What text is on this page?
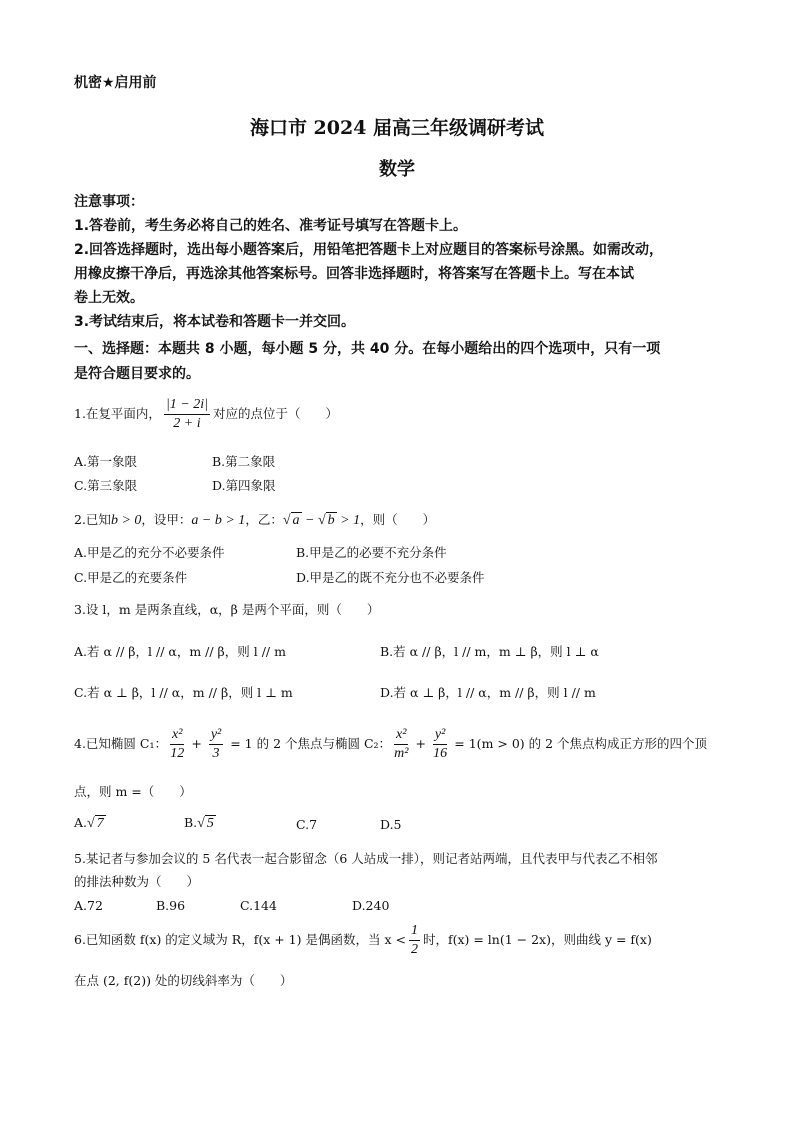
机密★启用前
海口市 2024 届高三年级调研考试
数学
注意事项：
1.答卷前，考生务必将自己的姓名、准考证号填写在答题卡上。
2.回答选择题时，选出每小题答案后，用铅笔把答题卡上对应题目的答案标号涂黑。如需改动，
用橡皮擦干净后，再选涂其他答案标号。回答非选择题时，将答案写在答题卡上。写在本试
卷上无效。
3.考试结束后，将本试卷和答题卡一并交回。
一、选择题：本题共 8 小题，每小题 5 分，共 40 分。在每小题给出的四个选项中，只有一项
是符合题目要求的。
1.在复平面内， $\frac{|1 - 2i|}{2 + i}$ 对应的点位于（　　）
A.第一象限	B.第二象限
C.第三象限	D.第四象限
2.已知b > 0，设甲：a − b > 1，乙：√ a − √ b > 1，则（　　）
A.甲是乙的充分不必要条件	B.甲是乙的必要不充分条件
C.甲是乙的充要条件	D.甲是乙的既不充分也不必要条件
3.设 l，m 是两条直线，α，β 是两个平面，则（　　）
A.若 α // β，l // α，m // β，则 l // m	B.若 α // β，l // m，m ⊥ β，则 l ⊥ α
C.若 α ⊥ β，l // α，m // β，则 l ⊥ m	D.若 α ⊥ β，l // α，m // β，则 l // m
4.已知椭圆 C₁： $\frac{\text{x²}}{12} + \frac{\text{y²}}{3} = 1$ 的 2 个焦点与椭圆 C₂： $\frac{\text{x²}}{\text{m²}} + \frac{\text{y²}}{16} = 1(m > 0)$ 的 2 个焦点构成正方形的四个顶
点，则 m =（　　）
A.√ 7	B.√ 5	C.7	D.5
5.某记者与参加会议的 5 名代表一起合影留念（6 人站成一排），则记者站两端，且代表甲与代表乙不相邻
的排法种数为（　　）
A.72	B.96	C.144	D.240
6.已知函数 f(x) 的定义域为 R，f(x + 1) 是偶函数，当 $x < \frac{1}{2}$ 时，f(x) = ln(1 − 2x)，则曲线 y = f(x)
在点 (2, f(2)) 处的切线斜率为（　　）
